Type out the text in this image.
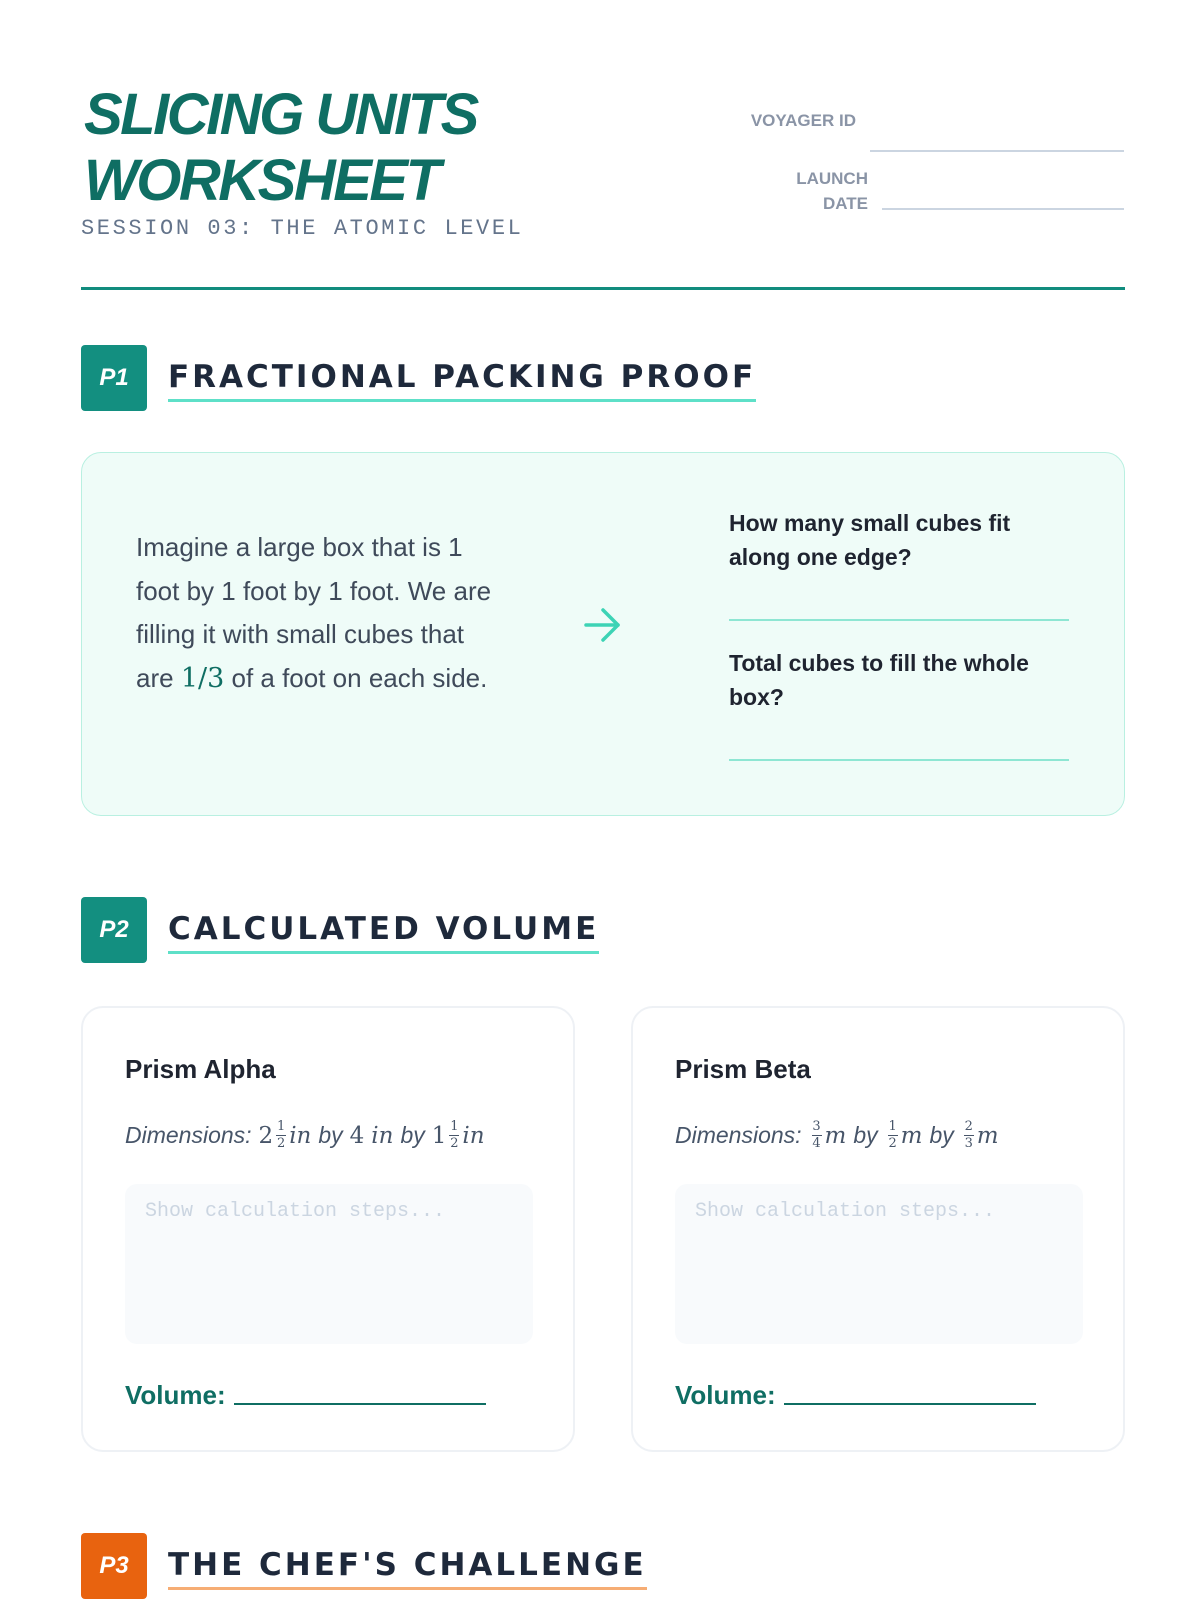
SLICING UNITS WORKSHEET
SESSION 03: THE ATOMIC LEVEL
VOYAGER ID
LAUNCH DATE
P1	FRACTIONAL PACKING PROOF

Imagine a large box that is 1 foot by 1 foot by 1 foot. We are filling it with small cubes that are 1/3 of a foot on each side.

How many small cubes fit along one edge?
Total cubes to fill the whole box?
P2	CALCULATED VOLUME
Prism Alpha
Dimensions: 2 1
2 in by 4 in by 1 1
2 in
Show calculation steps...
Volume:
Prism Beta
Dimensions: 3
4 m by 1
2 m by 2
3 m
Show calculation steps...
Volume:
P3	THE CHEF'S CHALLENGE
